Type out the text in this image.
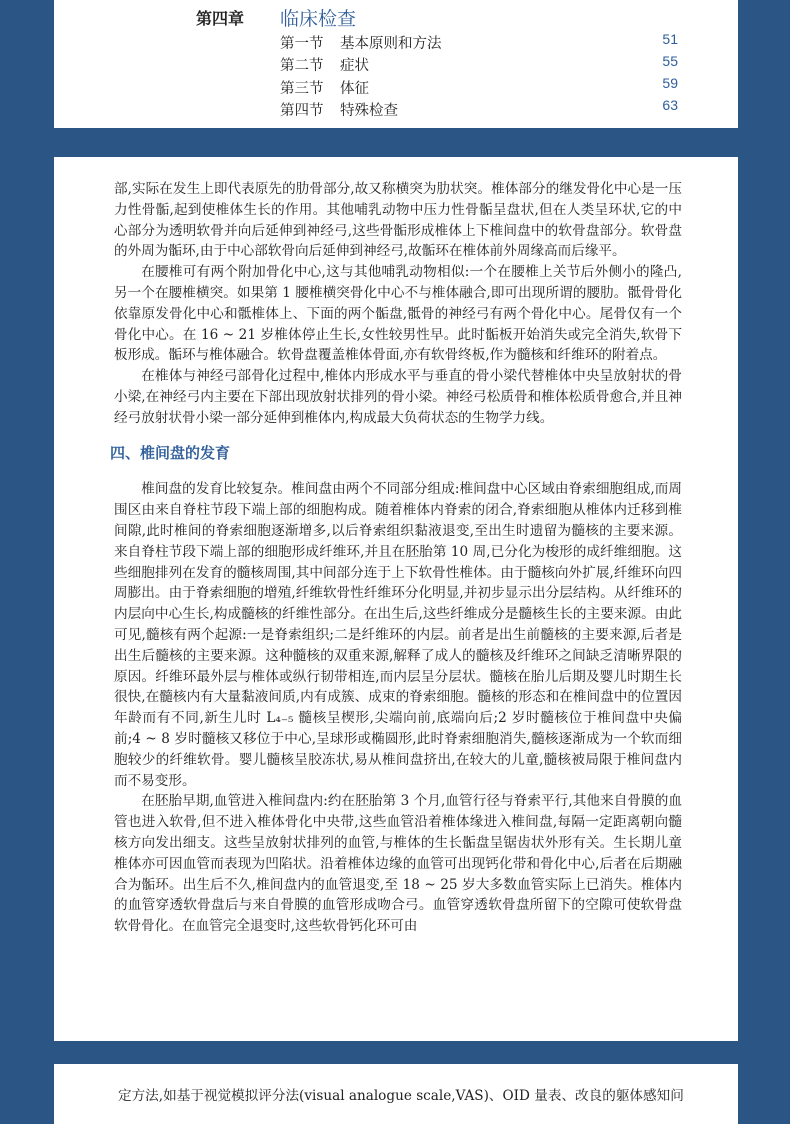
第四章 临床检查
第一节 基本原则和方法	51
第二节 症状	55
第三节 体征	59
第四节 特殊检查	63

部,实际在发生上即代表原先的肋骨部分,故又称横突为肋状突。椎体部分的继发骨化中心是一压力性骨骺,起到使椎体生长的作用。其他哺乳动物中压力性骨骺呈盘状,但在人类呈环状,它的中心部分为透明软骨并向后延伸到神经弓,这些骨骺形成椎体上下椎间盘中的软骨盘部分。软骨盘的外周为骺环,由于中心部软骨向后延伸到神经弓,故骺环在椎体前外周缘高而后缘平。

在腰椎可有两个附加骨化中心,这与其他哺乳动物相似:一个在腰椎上关节后外侧小的隆凸,另一个在腰椎横突。如果第 1 腰椎横突骨化中心不与椎体融合,即可出现所谓的腰肋。骶骨骨化依靠原发骨化中心和骶椎体上、下面的两个骺盘,骶骨的神经弓有两个骨化中心。尾骨仅有一个骨化中心。在 16 ~ 21 岁椎体停止生长,女性较男性早。此时骺板开始消失或完全消失,软骨下板形成。骺环与椎体融合。软骨盘覆盖椎体骨面,亦有软骨终板,作为髓核和纤维环的附着点。

在椎体与神经弓部骨化过程中,椎体内形成水平与垂直的骨小梁代替椎体中央呈放射状的骨小梁,在神经弓内主要在下部出现放射状排列的骨小梁。神经弓松质骨和椎体松质骨愈合,并且神经弓放射状骨小梁一部分延伸到椎体内,构成最大负荷状态的生物学力线。

四、椎间盘的发育

椎间盘的发育比较复杂。椎间盘由两个不同部分组成:椎间盘中心区域由脊索细胞组成,而周围区由来自脊柱节段下端上部的细胞构成。随着椎体内脊索的闭合,脊索细胞从椎体内迁移到椎间隙,此时椎间的脊索细胞逐渐增多,以后脊索组织黏液退变,至出生时遗留为髓核的主要来源。来自脊柱节段下端上部的细胞形成纤维环,并且在胚胎第 10 周,已分化为梭形的成纤维细胞。这些细胞排列在发育的髓核周围,其中间部分连于上下软骨性椎体。由于髓核向外扩展,纤维环向四周膨出。由于脊索细胞的增殖,纤维软骨性纤维环分化明显,并初步显示出分层结构。从纤维环的内层向中心生长,构成髓核的纤维性部分。在出生后,这些纤维成分是髓核生长的主要来源。由此可见,髓核有两个起源:一是脊索组织;二是纤维环的内层。前者是出生前髓核的主要来源,后者是出生后髓核的主要来源。这种髓核的双重来源,解释了成人的髓核及纤维环之间缺乏清晰界限的原因。纤维环最外层与椎体或纵行韧带相连,而内层呈分层状。髓核在胎儿后期及婴儿时期生长很快,在髓核内有大量黏液间质,内有成簇、成束的脊索细胞。髓核的形态和在椎间盘中的位置因年龄而有不同,新生儿时 L₄₋₅ 髓核呈楔形,尖端向前,底端向后;2 岁时髓核位于椎间盘中央偏前;4 ~ 8 岁时髓核又移位于中心,呈球形或椭圆形,此时脊索细胞消失,髓核逐渐成为一个软而细胞较少的纤维软骨。婴儿髓核呈胶冻状,易从椎间盘挤出,在较大的儿童,髓核被局限于椎间盘内而不易变形。

在胚胎早期,血管进入椎间盘内:约在胚胎第 3 个月,血管行径与脊索平行,其他来自骨膜的血管也进入软骨,但不进入椎体骨化中央带,这些血管沿着椎体缘进入椎间盘,每隔一定距离朝向髓核方向发出细支。这些呈放射状排列的血管,与椎体的生长骺盘呈锯齿状外形有关。生长期儿童椎体亦可因血管而表现为凹陷状。沿着椎体边缘的血管可出现钙化带和骨化中心,后者在后期融合为骺环。出生后不久,椎间盘内的血管退变,至 18 ~ 25 岁大多数血管实际上已消失。椎体内的血管穿透软骨盘后与来自骨膜的血管形成吻合弓。血管穿透软骨盘所留下的空隙可使软骨盘软骨骨化。在血管完全退变时,这些软骨钙化环可由

定方法,如基于视觉模拟评分法(visual analogue scale,VAS)、OID 量表、改良的躯体感知问
